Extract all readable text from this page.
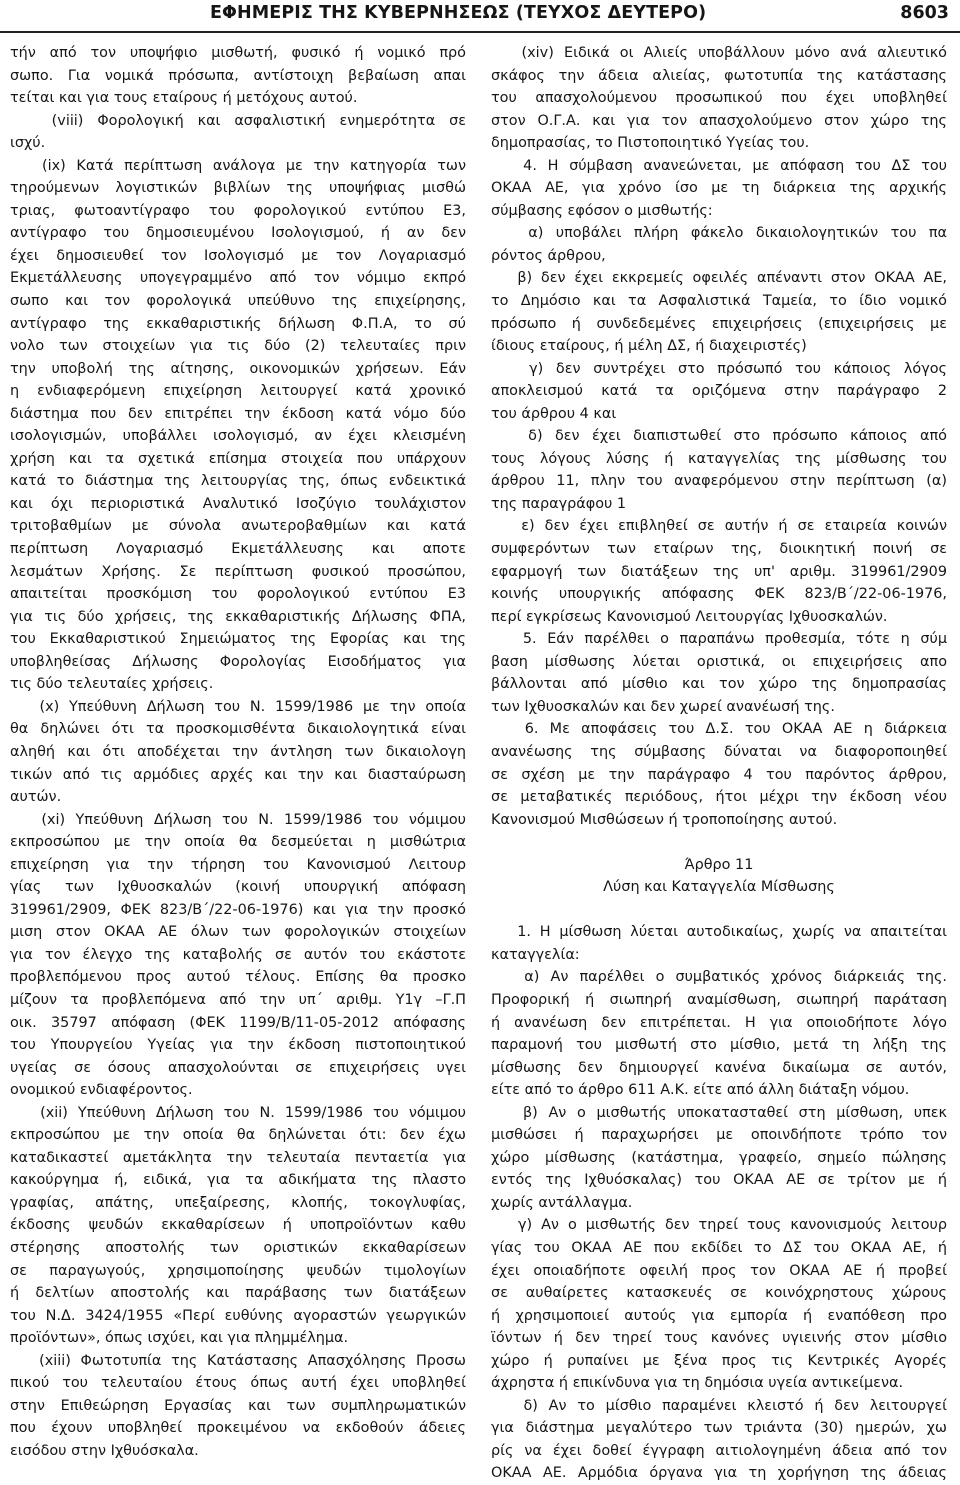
ΕΦΗΜΕΡΙΣ ΤΗΣ ΚΥΒΕΡΝΗΣΕΩΣ (ΤΕΥΧΟΣ ΔΕΥΤΕΡΟ)	8603
τήν από τον υποψήφιο μισθωτή, φυσικό ή νομικό πρό
σωπο. Για νομικά πρόσωπα, αντίστοιχη βεβαίωση απαι
τείται και για τους εταίρους ή μετόχους αυτού.
(viii) Φορολογική και ασφαλιστική ενημερότητα σε
ισχύ.
(ix) Κατά περίπτωση ανάλογα με την κατηγορία των
τηρούμενων λογιστικών βιβλίων της υποψήφιας μισθώ
τριας, φωτοαντίγραφο του φορολογικού εντύπου Ε3,
αντίγραφο του δημοσιευμένου Ισολογισμού, ή αν δεν
έχει δημοσιευθεί τον Ισολογισμό με τον Λογαριασμό
Εκμετάλλευσης υπογεγραμμένο από τον νόμιμο εκπρό
σωπο και τον φορολογικά υπεύθυνο της επιχείρησης,
αντίγραφο της εκκαθαριστικής δήλωση Φ.Π.Α, το σύ
νολο των στοιχείων για τις δύο (2) τελευταίες πριν
την υποβολή της αίτησης, οικονομικών χρήσεων. Εάν
η ενδιαφερόμενη επιχείρηση λειτουργεί κατά χρονικό
διάστημα που δεν επιτρέπει την έκδοση κατά νόμο δύο
ισολογισμών, υποβάλλει ισολογισμό, αν έχει κλεισμένη
χρήση και τα σχετικά επίσημα στοιχεία που υπάρχουν
κατά το διάστημα της λειτουργίας της, όπως ενδεικτικά
και όχι περιοριστικά Αναλυτικό Ισοζύγιο τουλάχιστον
τριτοβαθμίων με σύνολα ανωτεροβαθμίων και κατά
περίπτωση Λογαριασμό Εκμετάλλευσης και αποτε
λεσμάτων Χρήσης. Σε περίπτωση φυσικού προσώπου,
απαιτείται προσκόμιση του φορολογικού εντύπου Ε3
για τις δύο χρήσεις, της εκκαθαριστικής Δήλωσης ΦΠΑ,
του Εκκαθαριστικού Σημειώματος της Εφορίας και της
υποβληθείσας Δήλωσης Φορολογίας Εισοδήματος για
τις δύο τελευταίες χρήσεις.
(x) Υπεύθυνη Δήλωση του Ν. 1599/1986 με την οποία
θα δηλώνει ότι τα προσκομισθέντα δικαιολογητικά είναι
αληθή και ότι αποδέχεται την άντληση των δικαιολογη
τικών από τις αρμόδιες αρχές και την και διασταύρωση
αυτών.
(xi) Υπεύθυνη Δήλωση του Ν. 1599/1986 του νόμιμου
εκπροσώπου με την οποία θα δεσμεύεται η μισθώτρια
επιχείρηση για την τήρηση του Κανονισμού Λειτουρ
γίας των Ιχθυοσκαλών (κοινή υπουργική απόφαση
319961/2909, ΦΕΚ 823/Β΄/22-06-1976) και για την προσκό
μιση στον ΟΚΑΑ ΑΕ όλων των φορολογικών στοιχείων
για τον έλεγχο της καταβολής σε αυτόν του εκάστοτε
προβλεπόμενου προς αυτού τέλους. Επίσης θα προσκο
μίζουν τα προβλεπόμενα από την υπ΄ αριθμ. Υ1γ –Γ.Π
οικ. 35797 απόφαση (ΦΕΚ 1199/Β/11-05-2012 απόφασης
του Υπουργείου Υγείας για την έκδοση πιστοποιητικού
υγείας σε όσους απασχολούνται σε επιχειρήσεις υγει
ονομικού ενδιαφέροντος.
(xii) Υπεύθυνη Δήλωση του Ν. 1599/1986 του νόμιμου
εκπροσώπου με την οποία θα δηλώνεται ότι: δεν έχω
καταδικαστεί αμετάκλητα την τελευταία πενταετία για
κακούργημα ή, ειδικά, για τα αδικήματα της πλαστο
γραφίας, απάτης, υπεξαίρεσης, κλοπής, τοκογλυφίας,
έκδοσης ψευδών εκκαθαρίσεων ή υποπροϊόντων καθυ
στέρησης αποστολής των οριστικών εκκαθαρίσεων
σε παραγωγούς, χρησιμοποίησης ψευδών τιμολογίων
ή δελτίων αποστολής και παράβασης των διατάξεων
του Ν.Δ. 3424/1955 «Περί ευθύνης αγοραστών γεωργικών
προϊόντων», όπως ισχύει, και για πλημμέλημα.
(xiii) Φωτοτυπία της Κατάστασης Απασχόλησης Προσω
πικού του τελευταίου έτους όπως αυτή έχει υποβληθεί
στην Επιθεώρηση Εργασίας και των συμπληρωματικών
που έχουν υποβληθεί προκειμένου να εκδοθούν άδειες
εισόδου στην Ιχθυόσκαλα.
(xiv) Ειδικά οι Αλιείς υποβάλλουν μόνο ανά αλιευτικό
σκάφος την άδεια αλιείας, φωτοτυπία της κατάστασης
του απασχολούμενου προσωπικού που έχει υποβληθεί
στον Ο.Γ.Α. και για τον απασχολούμενο στον χώρο της
δημοπρασίας, το Πιστοποιητικό Υγείας του.
4. Η σύμβαση ανανεώνεται, με απόφαση του ΔΣ του
ΟΚΑΑ ΑΕ, για χρόνο ίσο με τη διάρκεια της αρχικής
σύμβασης εφόσον ο μισθωτής:
α) υποβάλει πλήρη φάκελο δικαιολογητικών του πα
ρόντος άρθρου,
β) δεν έχει εκκρεμείς οφειλές απέναντι στον ΟΚΑΑ ΑΕ,
το Δημόσιο και τα Ασφαλιστικά Ταμεία, το ίδιο νομικό
πρόσωπο ή συνδεδεμένες επιχειρήσεις (επιχειρήσεις με
ίδιους εταίρους, ή μέλη ΔΣ, ή διαχειριστές)
γ) δεν συντρέχει στο πρόσωπό του κάποιος λόγος
αποκλεισμού κατά τα οριζόμενα στην παράγραφο 2
του άρθρου 4 και
δ) δεν έχει διαπιστωθεί στο πρόσωπο κάποιος από
τους λόγους λύσης ή καταγγελίας της μίσθωσης του
άρθρου 11, πλην του αναφερόμενου στην περίπτωση (α)
της παραγράφου 1
ε) δεν έχει επιβληθεί σε αυτήν ή σε εταιρεία κοινών
συμφερόντων των εταίρων της, διοικητική ποινή σε
εφαρμογή των διατάξεων της υπ' αριθμ. 319961/2909
κοινής υπουργικής απόφασης ΦΕΚ 823/Β΄/22-06-1976,
περί εγκρίσεως Κανονισμού Λειτουργίας Ιχθυοσκαλών.
5. Εάν παρέλθει ο παραπάνω προθεσμία, τότε η σύμ
βαση μίσθωσης λύεται οριστικά, οι επιχειρήσεις απο
βάλλονται από μίσθιο και τον χώρο της δημοπρασίας
των Ιχθυοσκαλών και δεν χωρεί ανανέωσή της.
6. Με αποφάσεις του Δ.Σ. του ΟΚΑΑ ΑΕ η διάρκεια
ανανέωσης της σύμβασης δύναται να διαφοροποιηθεί
σε σχέση με την παράγραφο 4 του παρόντος άρθρου,
σε μεταβατικές περιόδους, ήτοι μέχρι την έκδοση νέου
Κανονισμού Μισθώσεων ή τροποποίησης αυτού.
Άρθρο 11
Λύση και Καταγγελία Μίσθωσης
1. Η μίσθωση λύεται αυτοδικαίως, χωρίς να απαιτείται
καταγγελία:
α) Αν παρέλθει ο συμβατικός χρόνος διάρκειάς της.
Προφορική ή σιωπηρή αναμίσθωση, σιωπηρή παράταση
ή ανανέωση δεν επιτρέπεται. Η για οποιοδήποτε λόγο
παραμονή του μισθωτή στο μίσθιο, μετά τη λήξη της
μίσθωσης δεν δημιουργεί κανένα δικαίωμα σε αυτόν,
είτε από το άρθρο 611 Α.Κ. είτε από άλλη διάταξη νόμου.
β) Αν ο μισθωτής υποκατασταθεί στη μίσθωση, υπεκ
μισθώσει ή παραχωρήσει με οποινδήποτε τρόπο τον
χώρο μίσθωσης (κατάστημα, γραφείο, σημείο πώλησης
εντός της Ιχθυόσκαλας) του ΟΚΑΑ ΑΕ σε τρίτον με ή
χωρίς αντάλλαγμα.
γ) Αν ο μισθωτής δεν τηρεί τους κανονισμούς λειτουρ
γίας του ΟΚΑΑ ΑΕ που εκδίδει το ΔΣ του ΟΚΑΑ ΑΕ, ή
έχει οποιαδήποτε οφειλή προς τον ΟΚΑΑ ΑΕ ή προβεί
σε αυθαίρετες κατασκευές σε κοινόχρηστους χώρους
ή χρησιμοποιεί αυτούς για εμπορία ή εναπόθεση προ
ϊόντων ή δεν τηρεί τους κανόνες υγιεινής στον μίσθιο
χώρο ή ρυπαίνει με ξένα προς τις Κεντρικές Αγορές
άχρηστα ή επικίνδυνα για τη δημόσια υγεία αντικείμενα.
δ) Αν το μίσθιο παραμένει κλειστό ή δεν λειτουργεί
για διάστημα μεγαλύτερο των τριάντα (30) ημερών, χω
ρίς να έχει δοθεί έγγραφη αιτιολογημένη άδεια από τον
ΟΚΑΑ ΑΕ. Αρμόδια όργανα για τη χορήγηση της άδειας
